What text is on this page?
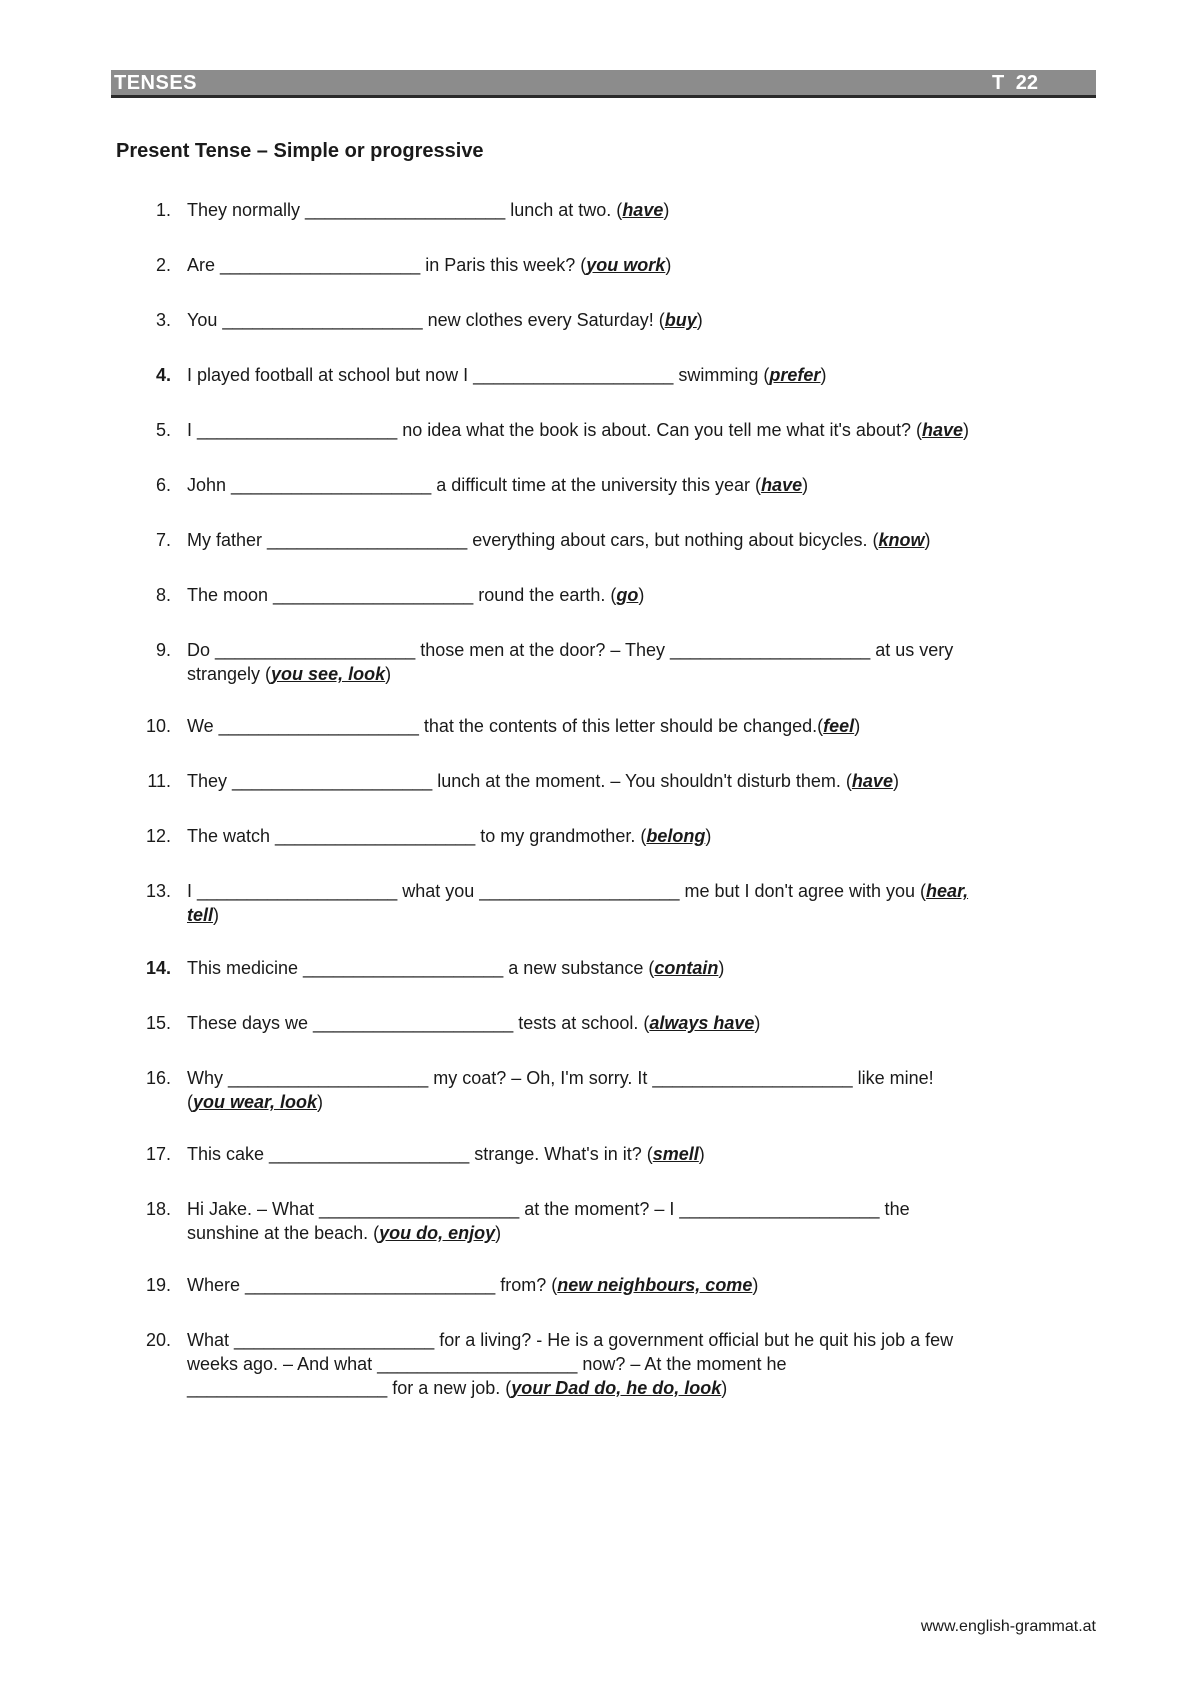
TENSES	T 22
Present Tense – Simple or progressive
1. They normally ____________________ lunch at two. (have)
2. Are ____________________ in Paris this week? (you work)
3. You ____________________ new clothes every Saturday! (buy)
4. I played football at school but now I ____________________ swimming (prefer)
5. I ____________________ no idea what the book is about. Can you tell me what it's about? (have)
6. John ____________________ a difficult time at the university this year (have)
7. My father ____________________ everything about cars, but nothing about bicycles. (know)
8. The moon ____________________ round the earth. (go)
9. Do ____________________ those men at the door? – They ____________________ at us very
strangely (you see, look)
10. We ____________________ that the contents of this letter should be changed.(feel)
11. They ____________________ lunch at the moment. – You shouldn't disturb them. (have)
12. The watch ____________________ to my grandmother. (belong)
13. I ____________________ what you ____________________ me but I don't agree with you (hear,
tell)
14. This medicine ____________________ a new substance (contain)
15. These days we ____________________ tests at school. (always have)
16. Why ____________________ my coat? – Oh, I'm sorry. It ____________________ like mine!
(you wear, look)
17. This cake ____________________ strange. What's in it? (smell)
18. Hi Jake. – What ____________________ at the moment? – I ____________________ the
sunshine at the beach. (you do, enjoy)
19. Where _________________________ from? (new neighbours, come)
20. What ____________________ for a living? - He is a government official but he quit his job a few
weeks ago. – And what ____________________ now? – At the moment he
____________________ for a new job. (your Dad do, he do, look)
www.english-grammat.at
